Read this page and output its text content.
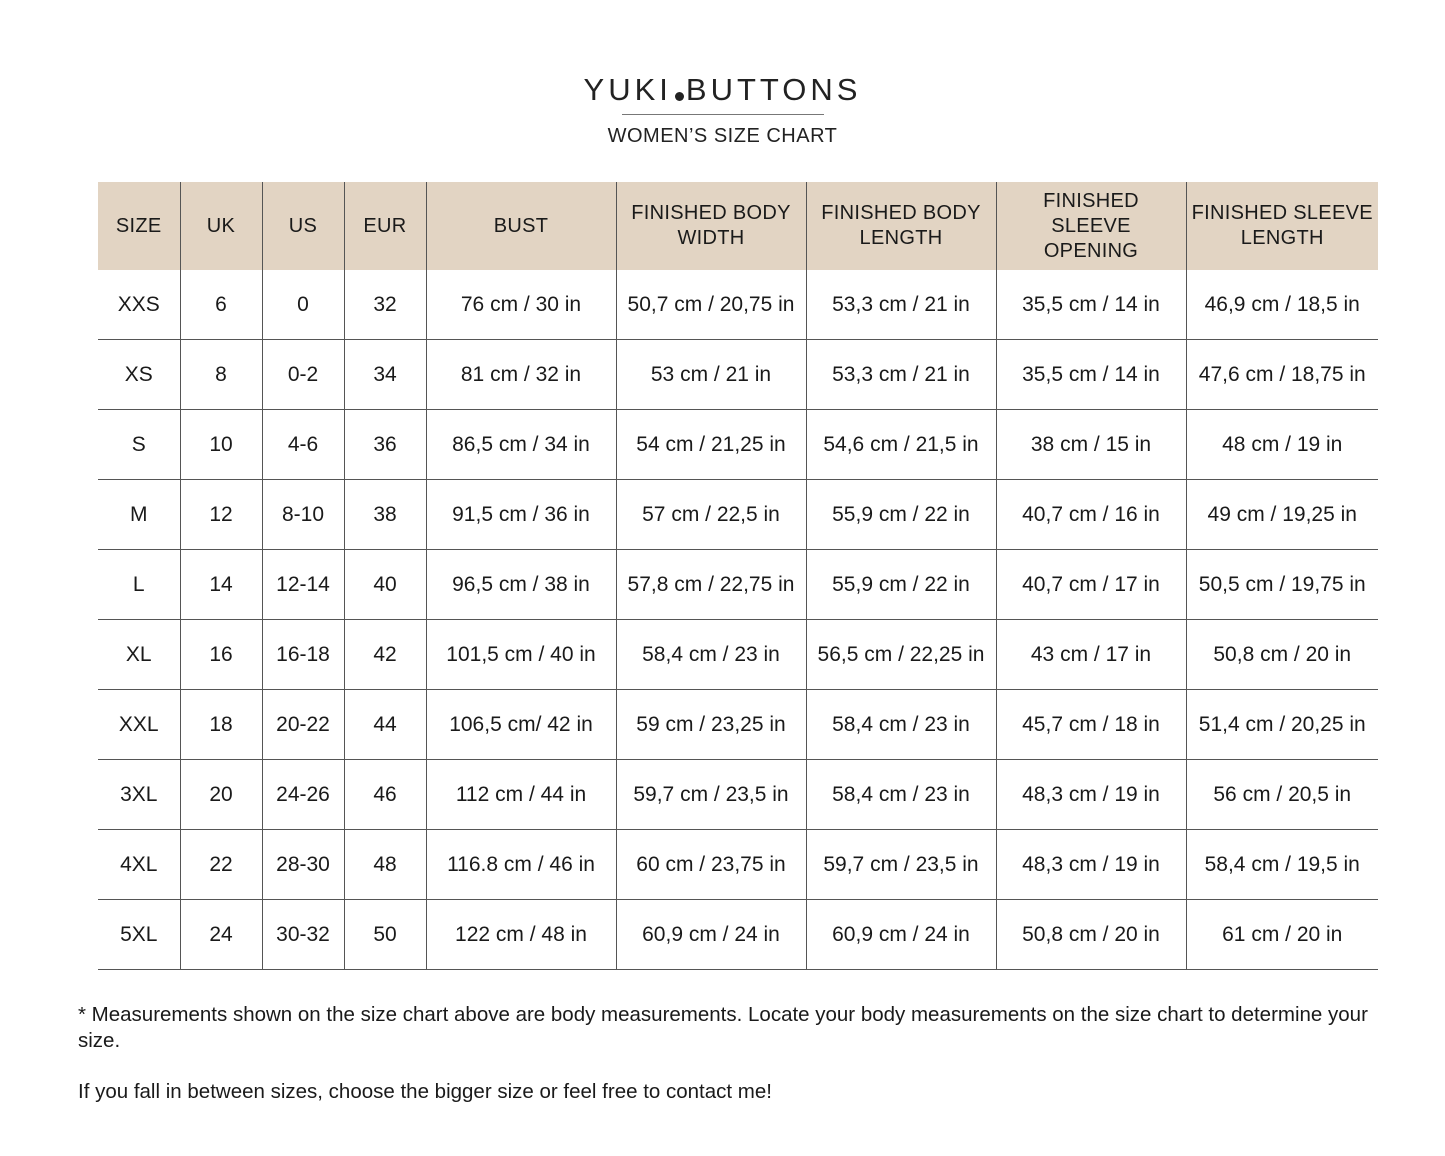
YUKI BUTTONS
WOMEN’S SIZE CHART
SIZE	UK	US	EUR	BUST	FINISHED BODY WIDTH	FINISHED BODY LENGTH	FINISHED SLEEVE OPENING	FINISHED SLEEVE LENGTH
XXS	6	0	32	76 cm / 30 in	50,7 cm / 20,75 in	53,3 cm / 21 in	35,5 cm / 14 in	46,9 cm / 18,5 in
XS	8	0-2	34	81 cm / 32 in	53 cm / 21 in	53,3 cm / 21 in	35,5 cm / 14 in	47,6 cm / 18,75 in
S	10	4-6	36	86,5 cm / 34 in	54 cm / 21,25 in	54,6 cm / 21,5 in	38 cm / 15 in	48 cm / 19 in
M	12	8-10	38	91,5 cm / 36 in	57 cm / 22,5 in	55,9 cm / 22 in	40,7 cm / 16 in	49 cm / 19,25 in
L	14	12-14	40	96,5 cm / 38 in	57,8 cm / 22,75 in	55,9 cm / 22 in	40,7 cm / 17 in	50,5 cm / 19,75 in
XL	16	16-18	42	101,5 cm / 40 in	58,4 cm / 23 in	56,5 cm / 22,25 in	43 cm / 17 in	50,8 cm / 20 in
XXL	18	20-22	44	106,5 cm/ 42 in	59 cm / 23,25 in	58,4 cm / 23 in	45,7 cm / 18 in	51,4 cm / 20,25 in
3XL	20	24-26	46	112 cm / 44 in	59,7 cm / 23,5 in	58,4 cm / 23 in	48,3 cm / 19 in	56 cm / 20,5 in
4XL	22	28-30	48	116.8 cm / 46 in	60 cm / 23,75 in	59,7 cm / 23,5 in	48,3 cm / 19 in	58,4 cm / 19,5 in
5XL	24	30-32	50	122 cm / 48 in	60,9 cm / 24 in	60,9 cm / 24 in	50,8 cm / 20 in	61 cm / 20 in

* Measurements shown on the size chart above are body measurements. Locate your body measurements on the size chart to determine your size.

If you fall in between sizes, choose the bigger size or feel free to contact me!
